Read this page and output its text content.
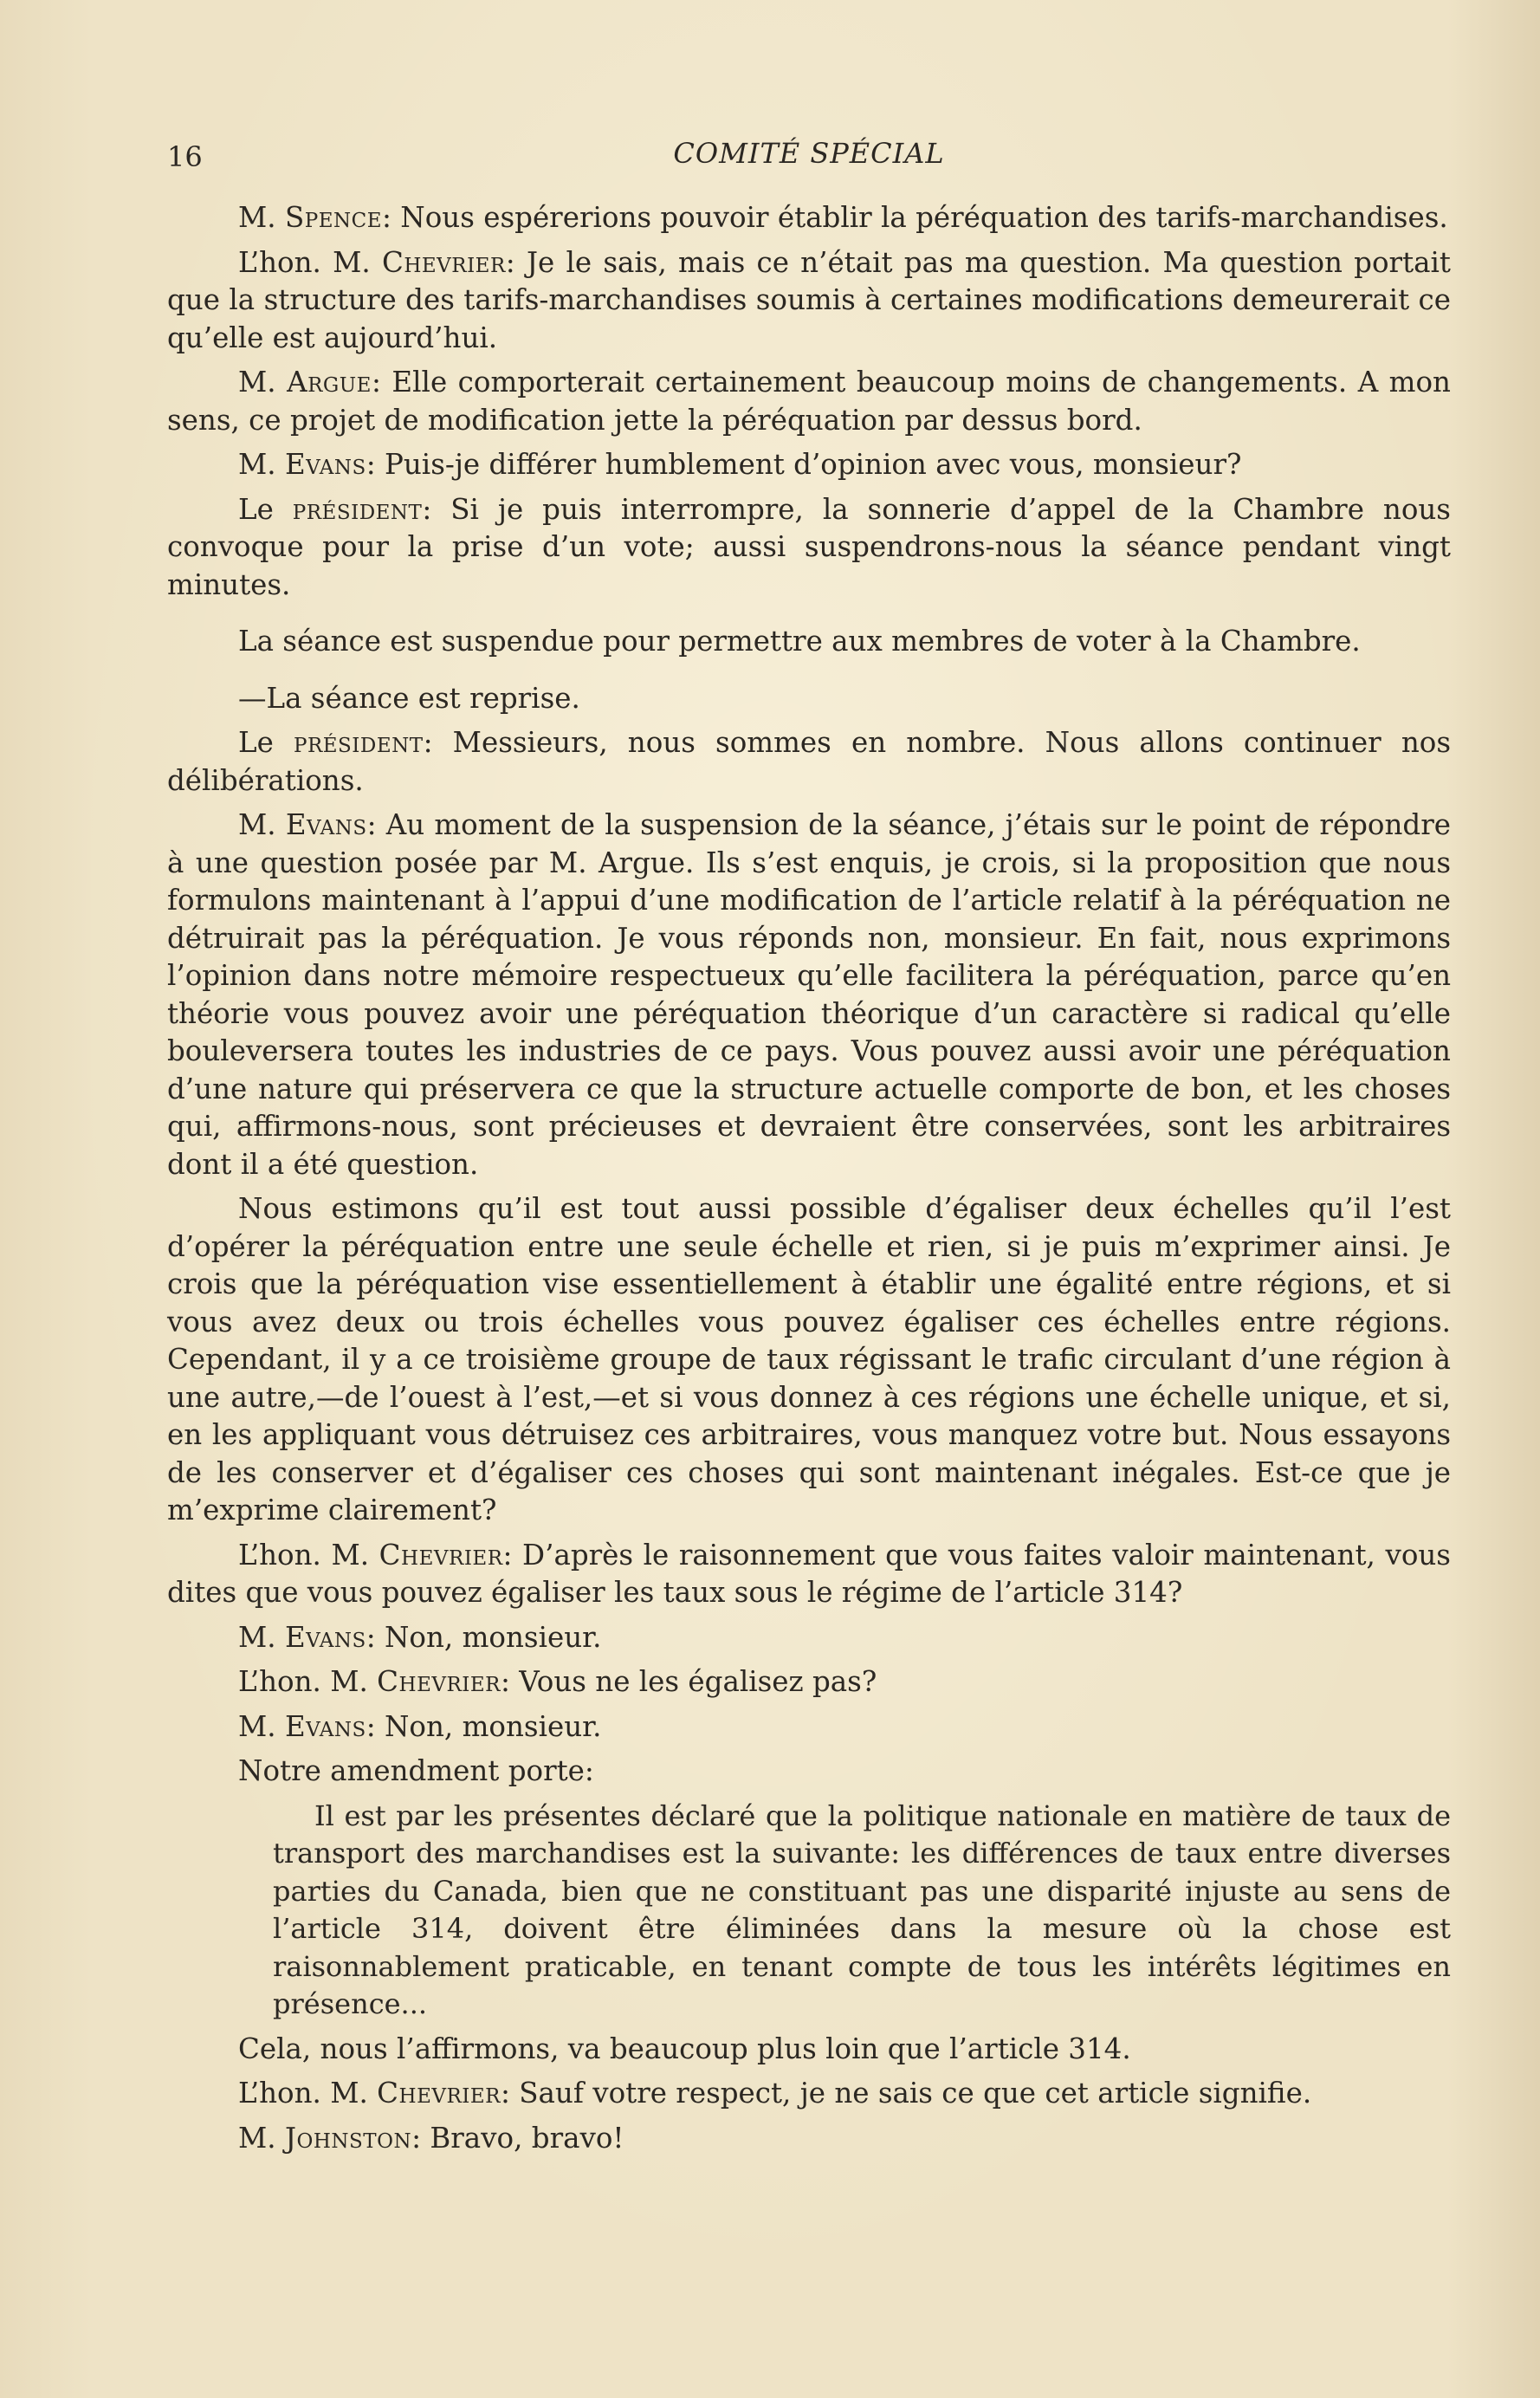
16	COMITÉ SPÉCIAL

M. Spence: Nous espérerions pouvoir établir la péréquation des tarifs-marchandises.

L’hon. M. Chevrier: Je le sais, mais ce n’était pas ma question. Ma question portait que la structure des tarifs-marchandises soumis à certaines modifications demeurerait ce qu’elle est aujourd’hui.

M. Argue: Elle comporterait certainement beaucoup moins de changements. A mon sens, ce projet de modification jette la péréquation par dessus bord.

M. Evans: Puis-je différer humblement d’opinion avec vous, monsieur?

Le président: Si je puis interrompre, la sonnerie d’appel de la Chambre nous convoque pour la prise d’un vote; aussi suspendrons-nous la séance pendant vingt minutes.

La séance est suspendue pour permettre aux membres de voter à la Chambre.

—La séance est reprise.

Le président: Messieurs, nous sommes en nombre. Nous allons continuer nos délibérations.

M. Evans: Au moment de la suspension de la séance, j’étais sur le point de répondre à une question posée par M. Argue. Ils s’est enquis, je crois, si la proposition que nous formulons maintenant à l’appui d’une modification de l’article relatif à la péréquation ne détruirait pas la péréquation. Je vous réponds non, monsieur. En fait, nous exprimons l’opinion dans notre mémoire respectueux qu’elle facilitera la péréquation, parce qu’en théorie vous pouvez avoir une péréquation théorique d’un caractère si radical qu’elle bouleversera toutes les industries de ce pays. Vous pouvez aussi avoir une péréquation d’une nature qui préservera ce que la structure actuelle comporte de bon, et les choses qui, affirmons-nous, sont précieuses et devraient être conservées, sont les arbitraires dont il a été question.

Nous estimons qu’il est tout aussi possible d’égaliser deux échelles qu’il l’est d’opérer la péréquation entre une seule échelle et rien, si je puis m’exprimer ainsi. Je crois que la péréquation vise essentiellement à établir une égalité entre régions, et si vous avez deux ou trois échelles vous pouvez égaliser ces échelles entre régions. Cependant, il y a ce troisième groupe de taux régissant le trafic circulant d’une région à une autre,—de l’ouest à l’est,—et si vous donnez à ces régions une échelle unique, et si, en les appliquant vous détruisez ces arbitraires, vous manquez votre but. Nous essayons de les conserver et d’égaliser ces choses qui sont maintenant inégales. Est-ce que je m’exprime clairement?

L’hon. M. Chevrier: D’après le raisonnement que vous faites valoir maintenant, vous dites que vous pouvez égaliser les taux sous le régime de l’article 314?

M. Evans: Non, monsieur.

L’hon. M. Chevrier: Vous ne les égalisez pas?

M. Evans: Non, monsieur.

Notre amendment porte:

Il est par les présentes déclaré que la politique nationale en matière de taux de transport des marchandises est la suivante: les différences de taux entre diverses parties du Canada, bien que ne constituant pas une disparité injuste au sens de l’article 314, doivent être éliminées dans la mesure où la chose est raisonnablement praticable, en tenant compte de tous les intérêts légitimes en présence...

Cela, nous l’affirmons, va beaucoup plus loin que l’article 314.

L’hon. M. Chevrier: Sauf votre respect, je ne sais ce que cet article signifie.

M. Johnston: Bravo, bravo!
